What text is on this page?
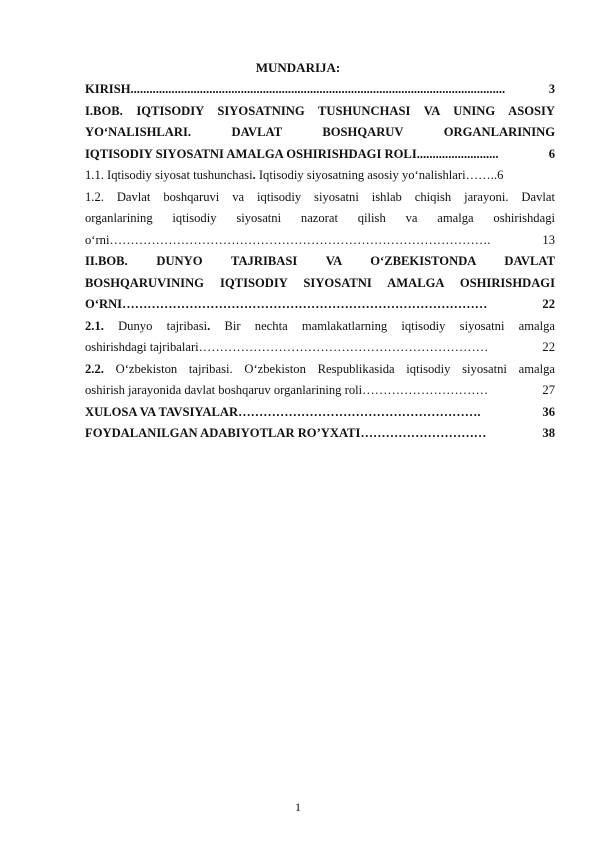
MUNDARIJA:
KIRISH .......................................................................................................................	3
I.BOB. IQTISODIY SIYOSATNING TUSHUNCHASI VA UNING ASOSIY
YO‘NALISHLARI. DAVLAT BOSHQARUV ORGANLARINING
IQTISODIY SIYOSATNI AMALGA OSHIRISHDAGI ROLI ..........................	6
1.1. Iqtisodiy siyosat tushunchasi. Iqtisodiy siyosatning asosiy yo‘nalishlari……..6
1.2. Davlat boshqaruvi va iqtisodiy siyosatni ishlab chiqish jarayoni. Davlat
organlarining iqtisodiy siyosatni nazorat qilish va amalga oshirishdagi
o‘rni ……………………………………………………………………………….	13
II.BOB. DUNYO TAJRIBASI VA O‘ZBEKISTONDA DAVLAT
BOSHQARUVINING IQTISODIY SIYOSATNI AMALGA OSHIRISHDAGI
O‘RNI ……………………………………………………………………………	22
2.1. Dunyo tajribasi. Bir nechta mamlakatlarning iqtisodiy siyosatni amalga
oshirishdagi tajribalari ……………………………………………………………	22
2.2. O‘zbekiston tajribasi. O‘zbekiston Respublikasida iqtisodiy siyosatni amalga
oshirish jarayonida davlat boshqaruv organlarining roli …………………………	27
XULOSA VA TAVSIYALAR ………………………………………………….	36
FOYDALANILGAN ADABIYOTLAR RO’YXATI …………………………	38
1
